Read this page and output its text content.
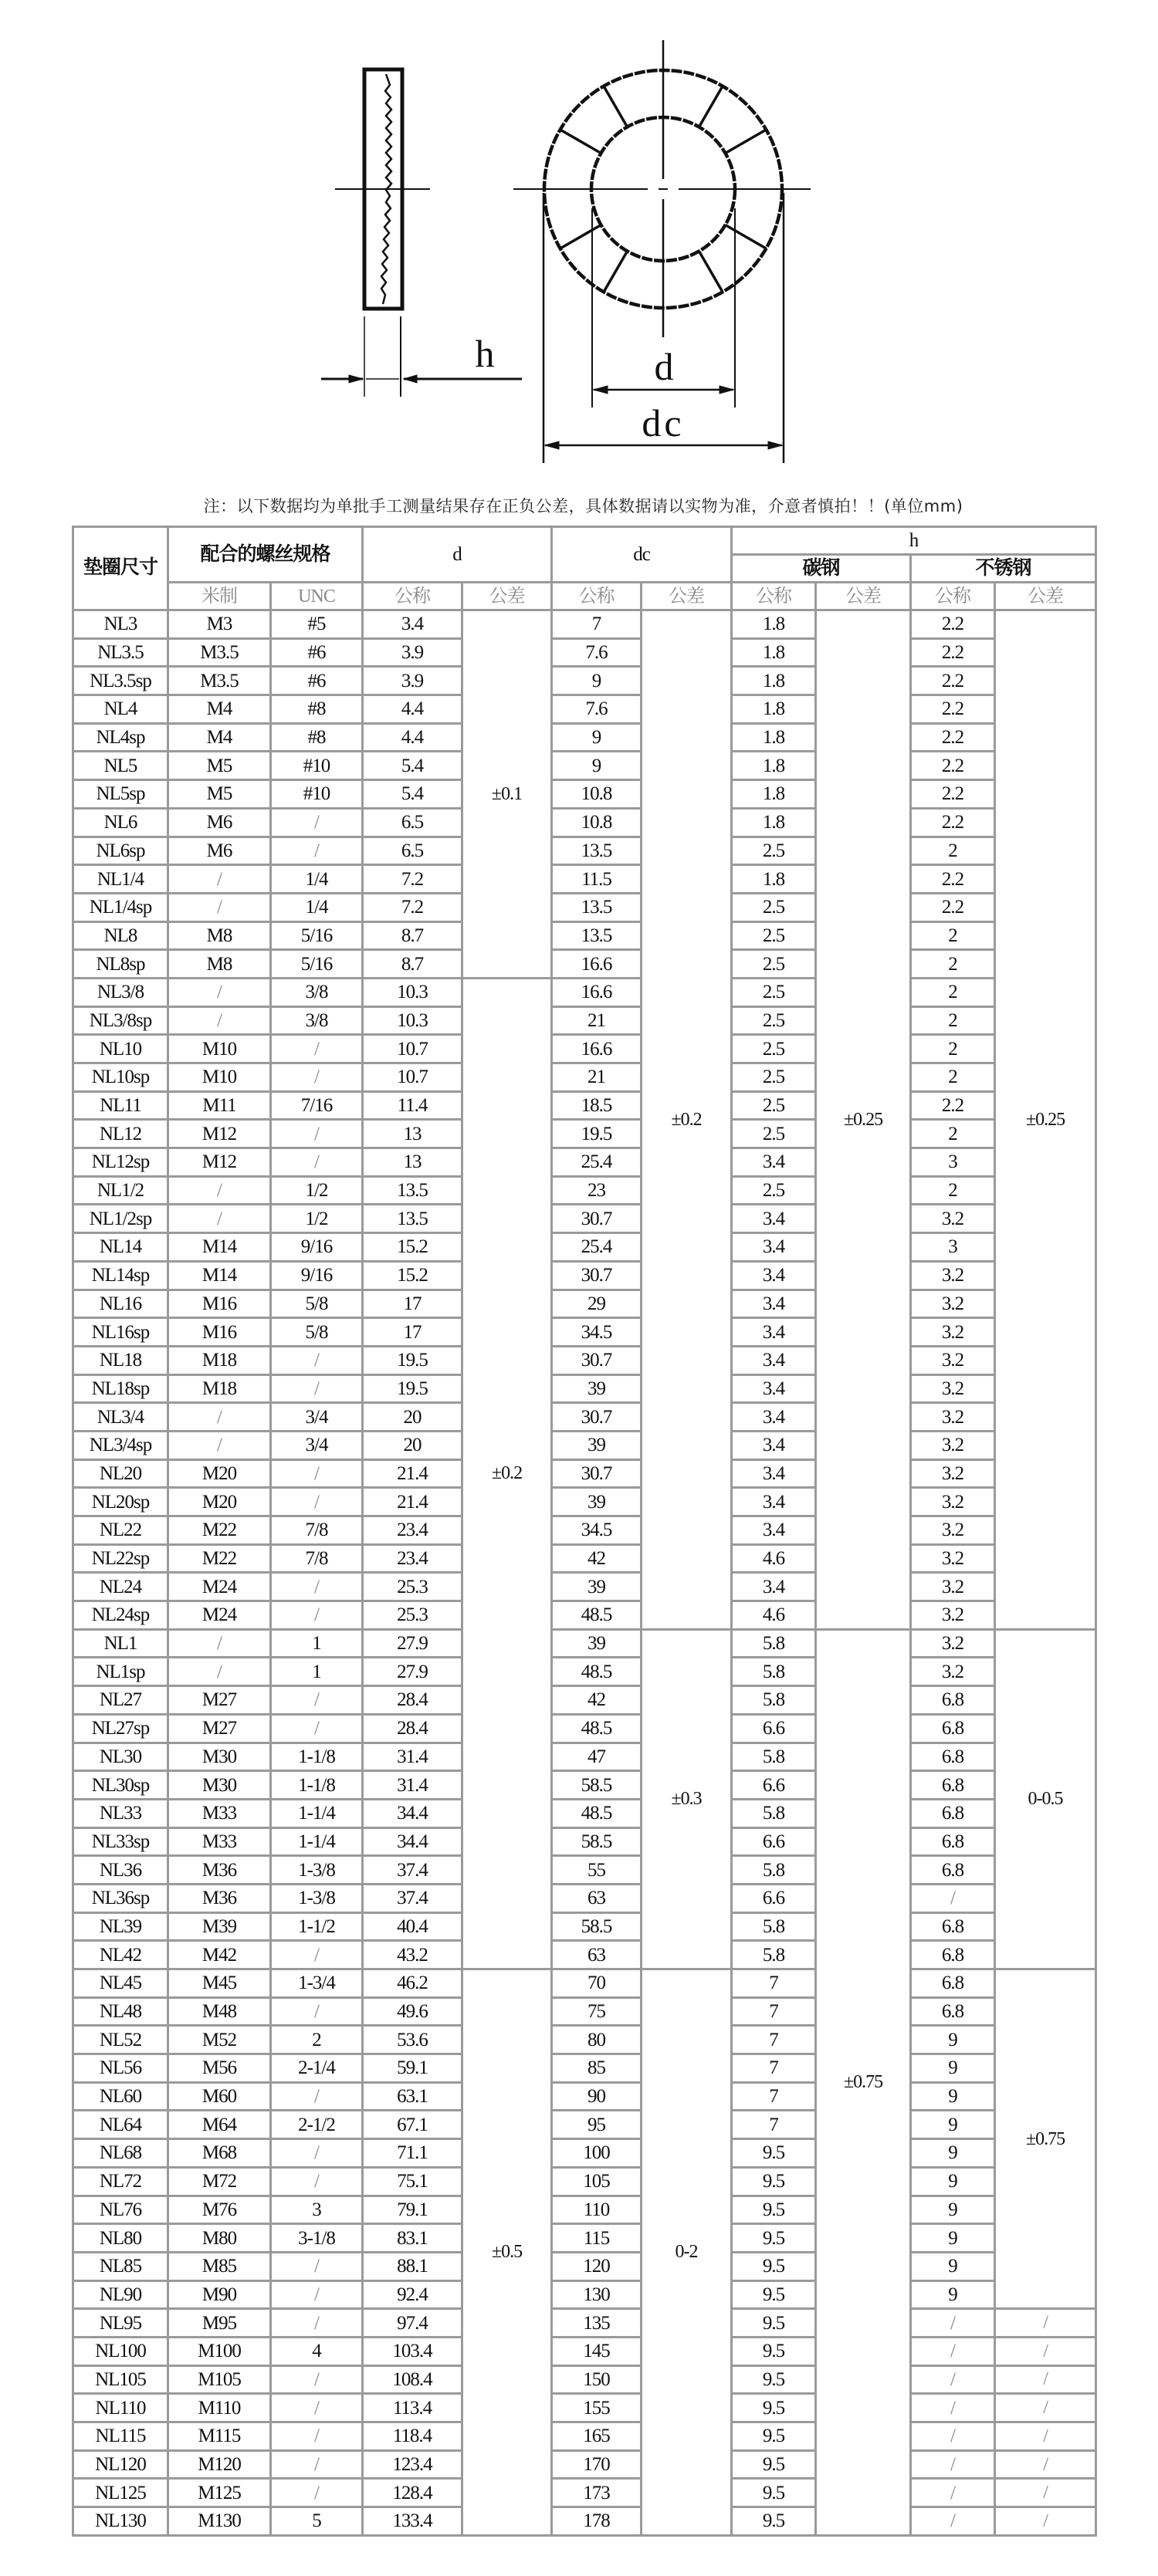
h	d
dc
注：以下数据均为单批手工测量结果存在正负公差，具体数据请以实物为准，介意者慎拍！！(单位mm)
垫圈尺寸	配合的螺丝规格		d		dc		h			
							碳钢		不锈钢	
	米制	UNC	公称	公差	公称	公差	公称	公差	公称	公差
NL3	M3	#5	3.4	±0.1	7	±0.2	1.8	±0.25	2.2	±0.25
NL3.5	M3.5	#6	3.9		7.6		1.8		2.2	
NL3.5sp	M3.5	#6	3.9		9		1.8		2.2	
NL4	M4	#8	4.4		7.6		1.8		2.2	
NL4sp	M4	#8	4.4		9		1.8		2.2	
NL5	M5	#10	5.4		9		1.8		2.2	
NL5sp	M5	#10	5.4		10.8		1.8		2.2	
NL6	M6	/	6.5		10.8		1.8		2.2	
NL6sp	M6	/	6.5		13.5		2.5		2	
NL1/4	/	1/4	7.2		11.5		1.8		2.2	
NL1/4sp	/	1/4	7.2		13.5		2.5		2.2	
NL8	M8	5/16	8.7		13.5		2.5		2	
NL8sp	M8	5/16	8.7		16.6		2.5		2	
NL3/8	/	3/8	10.3	±0.2	16.6		2.5		2	
NL3/8sp	/	3/8	10.3		21		2.5		2	
NL10	M10	/	10.7		16.6		2.5		2	
NL10sp	M10	/	10.7		21		2.5		2	
NL11	M11	7/16	11.4		18.5		2.5		2.2	
NL12	M12	/	13		19.5		2.5		2	
NL12sp	M12	/	13		25.4		3.4		3	
NL1/2	/	1/2	13.5		23		2.5		2	
NL1/2sp	/	1/2	13.5		30.7		3.4		3.2	
NL14	M14	9/16	15.2		25.4		3.4		3	
NL14sp	M14	9/16	15.2		30.7		3.4		3.2	
NL16	M16	5/8	17		29		3.4		3.2	
NL16sp	M16	5/8	17		34.5		3.4		3.2	
NL18	M18	/	19.5		30.7		3.4		3.2	
NL18sp	M18	/	19.5		39		3.4		3.2	
NL3/4	/	3/4	20		30.7		3.4		3.2	
NL3/4sp	/	3/4	20		39		3.4		3.2	
NL20	M20	/	21.4		30.7		3.4		3.2	
NL20sp	M20	/	21.4		39		3.4		3.2	
NL22	M22	7/8	23.4		34.5		3.4		3.2	
NL22sp	M22	7/8	23.4		42		4.6		3.2	
NL24	M24	/	25.3		39		3.4		3.2	
NL24sp	M24	/	25.3		48.5		4.6		3.2	
NL1	/	1	27.9		39	±0.3	5.8	±0.75	3.2	0-0.5
NL1sp	/	1	27.9		48.5		5.8		3.2	
NL27	M27	/	28.4		42		5.8		6.8	
NL27sp	M27	/	28.4		48.5		6.6		6.8	
NL30	M30	1-1/8	31.4		47		5.8		6.8	
NL30sp	M30	1-1/8	31.4		58.5		6.6		6.8	
NL33	M33	1-1/4	34.4		48.5		5.8		6.8	
NL33sp	M33	1-1/4	34.4		58.5		6.6		6.8	
NL36	M36	1-3/8	37.4		55		5.8		6.8	
NL36sp	M36	1-3/8	37.4		63		6.6		/	
NL39	M39	1-1/2	40.4		58.5		5.8		6.8	
NL42	M42	/	43.2		63		5.8		6.8	
NL45	M45	1-3/4	46.2	±0.5	70	0-2	7		6.8	±0.75
NL48	M48	/	49.6		75		7		6.8	
NL52	M52	2	53.6		80		7		9	
NL56	M56	2-1/4	59.1		85		7		9	
NL60	M60	/	63.1		90		7		9	
NL64	M64	2-1/2	67.1		95		7		9	
NL68	M68	/	71.1		100		9.5		9	
NL72	M72	/	75.1		105		9.5		9	
NL76	M76	3	79.1		110		9.5		9	
NL80	M80	3-1/8	83.1		115		9.5		9	
NL85	M85	/	88.1		120		9.5		9	
NL90	M90	/	92.4		130		9.5		9	
NL95	M95	/	97.4		135		9.5		/	/
NL100	M100	4	103.4		145		9.5		/	/
NL105	M105	/	108.4		150		9.5		/	/
NL110	M110	/	113.4		155		9.5		/	/
NL115	M115	/	118.4		165		9.5		/	/
NL120	M120	/	123.4		170		9.5		/	/
NL125	M125	/	128.4		173		9.5		/	/
NL130	M130	5	133.4		178		9.5		/	/
